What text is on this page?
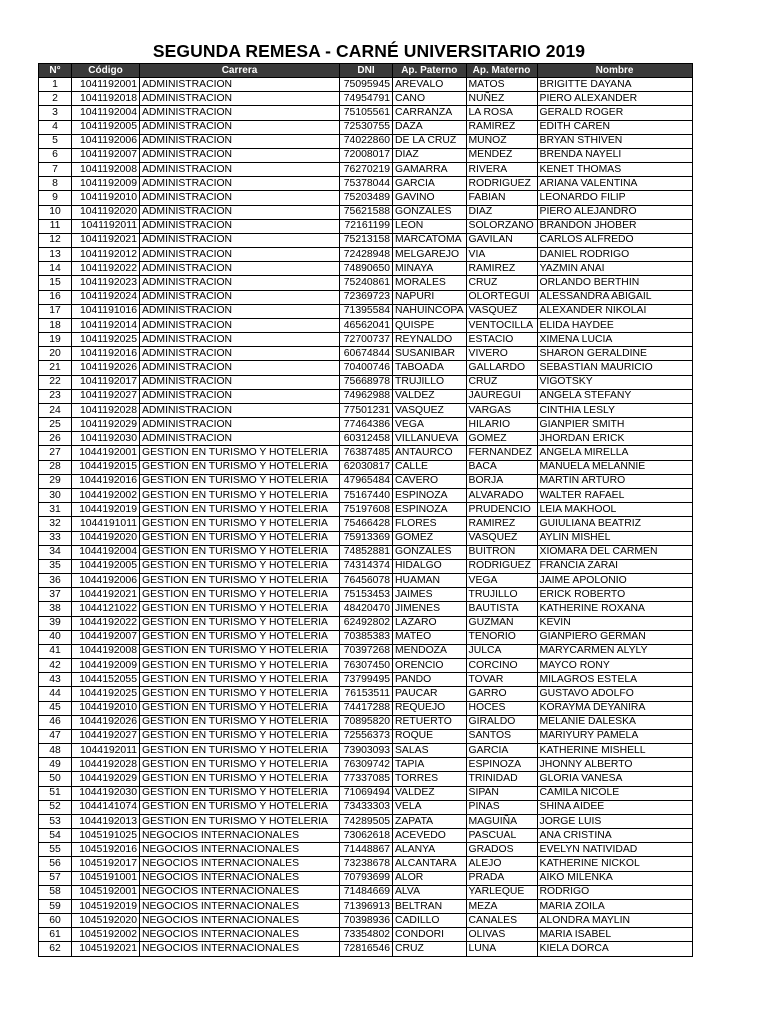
SEGUNDA REMESA - CARNÉ UNIVERSITARIO 2019
N°	Código	Carrera	DNI	Ap. Paterno	Ap. Materno	Nombre
1	1041192001	ADMINISTRACION	75095945	AREVALO	MATOS	BRIGITTE DAYANA
2	1041192018	ADMINISTRACION	74954791	CANO	NUÑEZ	PIERO ALEXANDER
3	1041192004	ADMINISTRACION	75105561	CARRANZA	LA ROSA	GERALD ROGER
4	1041192005	ADMINISTRACION	72530755	DAZA	RAMIREZ	EDITH CAREN
5	1041192006	ADMINISTRACION	74022860	DE LA CRUZ	MUÑOZ	BRYAN STHIVEN
6	1041192007	ADMINISTRACION	72008017	DIAZ	MENDEZ	BRENDA NAYELI
7	1041192008	ADMINISTRACION	76270219	GAMARRA	RIVERA	KENET THOMAS
8	1041192009	ADMINISTRACION	75378044	GARCIA	RODRIGUEZ	ARIANA VALENTINA
9	1041192010	ADMINISTRACION	75203489	GAVINO	FABIAN	LEONARDO FILIP
10	1041192020	ADMINISTRACION	75621588	GONZALES	DIAZ	PIERO ALEJANDRO
11	1041192011	ADMINISTRACION	72161199	LEON	SOLORZANO	BRANDON JHOBER
12	1041192021	ADMINISTRACION	75213158	MARCATOMA	GAVILAN	CARLOS ALFREDO
13	1041192012	ADMINISTRACION	72428948	MELGAREJO	VIA	DANIEL RODRIGO
14	1041192022	ADMINISTRACION	74890650	MINAYA	RAMIREZ	YAZMIN ANAI
15	1041192023	ADMINISTRACION	75240861	MORALES	CRUZ	ORLANDO BERTHIN
16	1041192024	ADMINISTRACION	72369723	NAPURI	OLORTEGUI	ALESSANDRA ABIGAIL
17	1041191016	ADMINISTRACION	71395584	ÑAHUINCOPA	VASQUEZ	ALEXANDER NIKOLAI
18	1041192014	ADMINISTRACION	46562041	QUISPE	VENTOCILLA	ELIDA HAYDEE
19	1041192025	ADMINISTRACION	72700737	REYNALDO	ESTACIO	XIMENA LUCIA
20	1041192016	ADMINISTRACION	60674844	SUSANIBAR	VIVERO	SHARON GERALDINE
21	1041192026	ADMINISTRACION	70400746	TABOADA	GALLARDO	SEBASTIAN MAURICIO
22	1041192017	ADMINISTRACION	75668978	TRUJILLO	CRUZ	VIGOTSKY
23	1041192027	ADMINISTRACION	74962988	VALDEZ	JAUREGUI	ANGELA STEFANY
24	1041192028	ADMINISTRACION	77501231	VASQUEZ	VARGAS	CINTHIA LESLY
25	1041192029	ADMINISTRACION	77464386	VEGA	HILARIO	GIANPIER SMITH
26	1041192030	ADMINISTRACION	60312458	VILLANUEVA	GOMEZ	JHORDAN ERICK
27	1044192001	GESTION EN TURISMO Y HOTELERIA	76387485	ANTAURCO	FERNANDEZ	ANGELA MIRELLA
28	1044192015	GESTION EN TURISMO Y HOTELERIA	62030817	CALLE	BACA	MANUELA MELANNIE
29	1044192016	GESTION EN TURISMO Y HOTELERIA	47965484	CAVERO	BORJA	MARTIN ARTURO
30	1044192002	GESTION EN TURISMO Y HOTELERIA	75167440	ESPINOZA	ALVARADO	WALTER RAFAEL
31	1044192019	GESTION EN TURISMO Y HOTELERIA	75197608	ESPINOZA	PRUDENCIO	LEIA MAKHOOL
32	1044191011	GESTION EN TURISMO Y HOTELERIA	75466428	FLORES	RAMIREZ	GUIULIANA BEATRIZ
33	1044192020	GESTION EN TURISMO Y HOTELERIA	75913369	GOMEZ	VASQUEZ	AYLIN MISHEL
34	1044192004	GESTION EN TURISMO Y HOTELERIA	74852881	GONZALES	BUITRON	XIOMARA DEL CARMEN
35	1044192005	GESTION EN TURISMO Y HOTELERIA	74314374	HIDALGO	RODRIGUEZ	FRANCIA ZARAI
36	1044192006	GESTION EN TURISMO Y HOTELERIA	76456078	HUAMAN	VEGA	JAIME APOLONIO
37	1044192021	GESTION EN TURISMO Y HOTELERIA	75153453	JAIMES	TRUJILLO	ERICK ROBERTO
38	1044121022	GESTION EN TURISMO Y HOTELERIA	48420470	JIMENES	BAUTISTA	KATHERINE ROXANA
39	1044192022	GESTION EN TURISMO Y HOTELERIA	62492802	LAZARO	GUZMAN	KEVIN
40	1044192007	GESTION EN TURISMO Y HOTELERIA	70385383	MATEO	TENORIO	GIANPIERO GERMAN
41	1044192008	GESTION EN TURISMO Y HOTELERIA	70397268	MENDOZA	JULCA	MARYCARMEN ALYLY
42	1044192009	GESTION EN TURISMO Y HOTELERIA	76307450	ORENCIO	CORCINO	MAYCO RONY
43	1044152055	GESTION EN TURISMO Y HOTELERIA	73799495	PANDO	TOVAR	MILAGROS ESTELA
44	1044192025	GESTION EN TURISMO Y HOTELERIA	76153511	PAUCAR	GARRO	GUSTAVO ADOLFO
45	1044192010	GESTION EN TURISMO Y HOTELERIA	74417288	REQUEJO	HOCES	KORAYMA DEYANIRA
46	1044192026	GESTION EN TURISMO Y HOTELERIA	70895820	RETUERTO	GIRALDO	MELANIE DALESKA
47	1044192027	GESTION EN TURISMO Y HOTELERIA	72556373	ROQUE	SANTOS	MARIYURY PAMELA
48	1044192011	GESTION EN TURISMO Y HOTELERIA	73903093	SALAS	GARCIA	KATHERINE MISHELL
49	1044192028	GESTION EN TURISMO Y HOTELERIA	76309742	TAPIA	ESPINOZA	JHONNY ALBERTO
50	1044192029	GESTION EN TURISMO Y HOTELERIA	77337085	TORRES	TRINIDAD	GLORIA VANESA
51	1044192030	GESTION EN TURISMO Y HOTELERIA	71069494	VALDEZ	SIPAN	CAMILA NICOLE
52	1044141074	GESTION EN TURISMO Y HOTELERIA	73433303	VELA	PIÑAS	SHINA AIDEE
53	1044192013	GESTION EN TURISMO Y HOTELERIA	74289505	ZAPATA	MAGUIÑA	JORGE LUIS
54	1045191025	NEGOCIOS INTERNACIONALES	73062618	ACEVEDO	PASCUAL	ANA CRISTINA
55	1045192016	NEGOCIOS INTERNACIONALES	71448867	ALANYA	GRADOS	EVELYN NATIVIDAD
56	1045192017	NEGOCIOS INTERNACIONALES	73238678	ALCANTARA	ALEJO	KATHERINE NICKOL
57	1045191001	NEGOCIOS INTERNACIONALES	70793699	ALOR	PRADA	AIKO MILENKA
58	1045192001	NEGOCIOS INTERNACIONALES	71484669	ALVA	YARLEQUE	RODRIGO
59	1045192019	NEGOCIOS INTERNACIONALES	71396913	BELTRAN	MEZA	MARIA ZOILA
60	1045192020	NEGOCIOS INTERNACIONALES	70398936	CADILLO	CANALES	ALONDRA MAYLIN
61	1045192002	NEGOCIOS INTERNACIONALES	73354802	CONDORI	OLIVAS	MARIA ISABEL
62	1045192021	NEGOCIOS INTERNACIONALES	72816546	CRUZ	LUNA	KIELA DORCA
